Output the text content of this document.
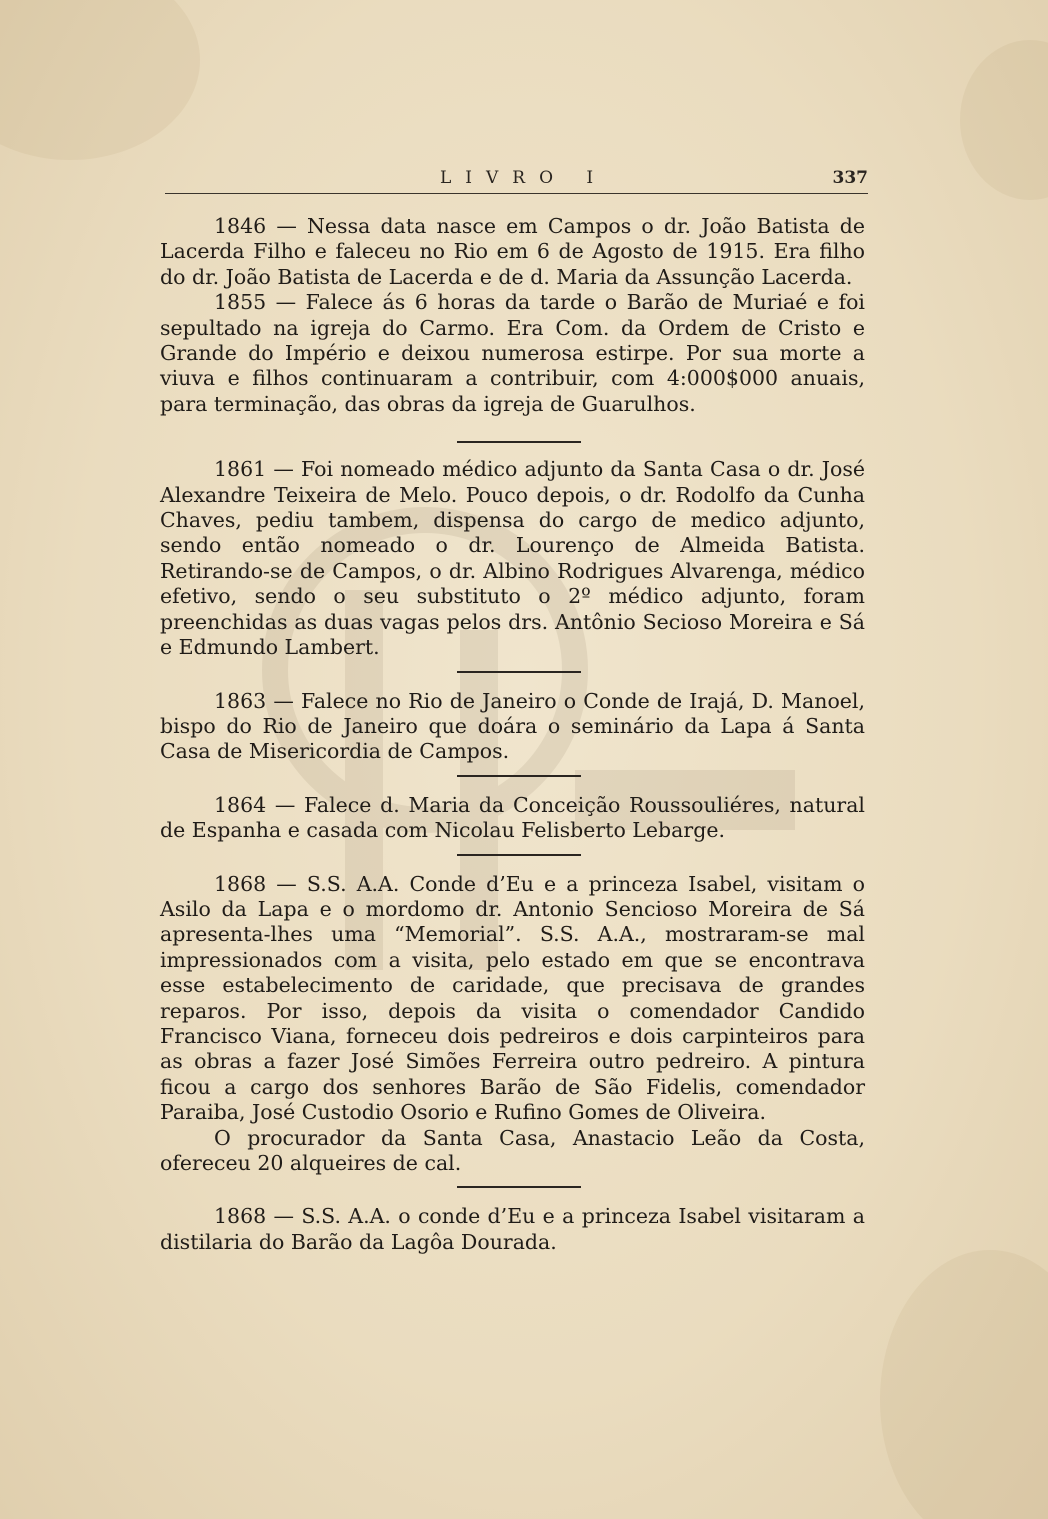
LIVRO I	337

1846 — Nessa data nasce em Campos o dr. João Batista de Lacerda Filho e faleceu no Rio em 6 de Agosto de 1915. Era filho do dr. João Batista de Lacerda e de d. Maria da Assunção Lacerda.

1855 — Falece ás 6 horas da tarde o Barão de Muriaé e foi sepultado na igreja do Carmo. Era Com. da Ordem de Cristo e Grande do Império e deixou numerosa estirpe. Por sua morte a viuva e filhos continuaram a contribuir, com 4:000$000 anuais, para terminação, das obras da igreja de Guarulhos.

1861 — Foi nomeado médico adjunto da Santa Casa o dr. José Alexandre Teixeira de Melo. Pouco depois, o dr. Rodolfo da Cunha Chaves, pediu tambem, dispensa do cargo de medico adjunto, sendo então nomeado o dr. Lourenço de Almeida Batista. Retirando-se de Campos, o dr. Albino Rodrigues Alvarenga, médico efetivo, sendo o seu substituto o 2º médico adjunto, foram preenchidas as duas vagas pelos drs. Antônio Secioso Moreira e Sá e Edmundo Lambert.

1863 — Falece no Rio de Janeiro o Conde de Irajá, D. Manoel, bispo do Rio de Janeiro que doára o seminário da Lapa á Santa Casa de Misericordia de Campos.

1864 — Falece d. Maria da Conceição Roussouliéres, natural de Espanha e casada com Nicolau Felisberto Lebarge.

1868 — S.S. A.A. Conde d’Eu e a princeza Isabel, visitam o Asilo da Lapa e o mordomo dr. Antonio Sencioso Moreira de Sá apresenta-lhes uma “Memorial”. S.S. A.A., mostraram-se mal impressionados com a visita, pelo estado em que se encontrava esse estabelecimento de caridade, que precisava de grandes reparos. Por isso, depois da visita o comendador Candido Francisco Viana, forneceu dois pedreiros e dois carpinteiros para as obras a fazer José Simões Ferreira outro pedreiro. A pintura ficou a cargo dos senhores Barão de São Fidelis, comendador Paraiba, José Custodio Osorio e Rufino Gomes de Oliveira.

O procurador da Santa Casa, Anastacio Leão da Costa, ofereceu 20 alqueires de cal.

1868 — S.S. A.A. o conde d’Eu e a princeza Isabel visitaram a distilaria do Barão da Lagôa Dourada.
